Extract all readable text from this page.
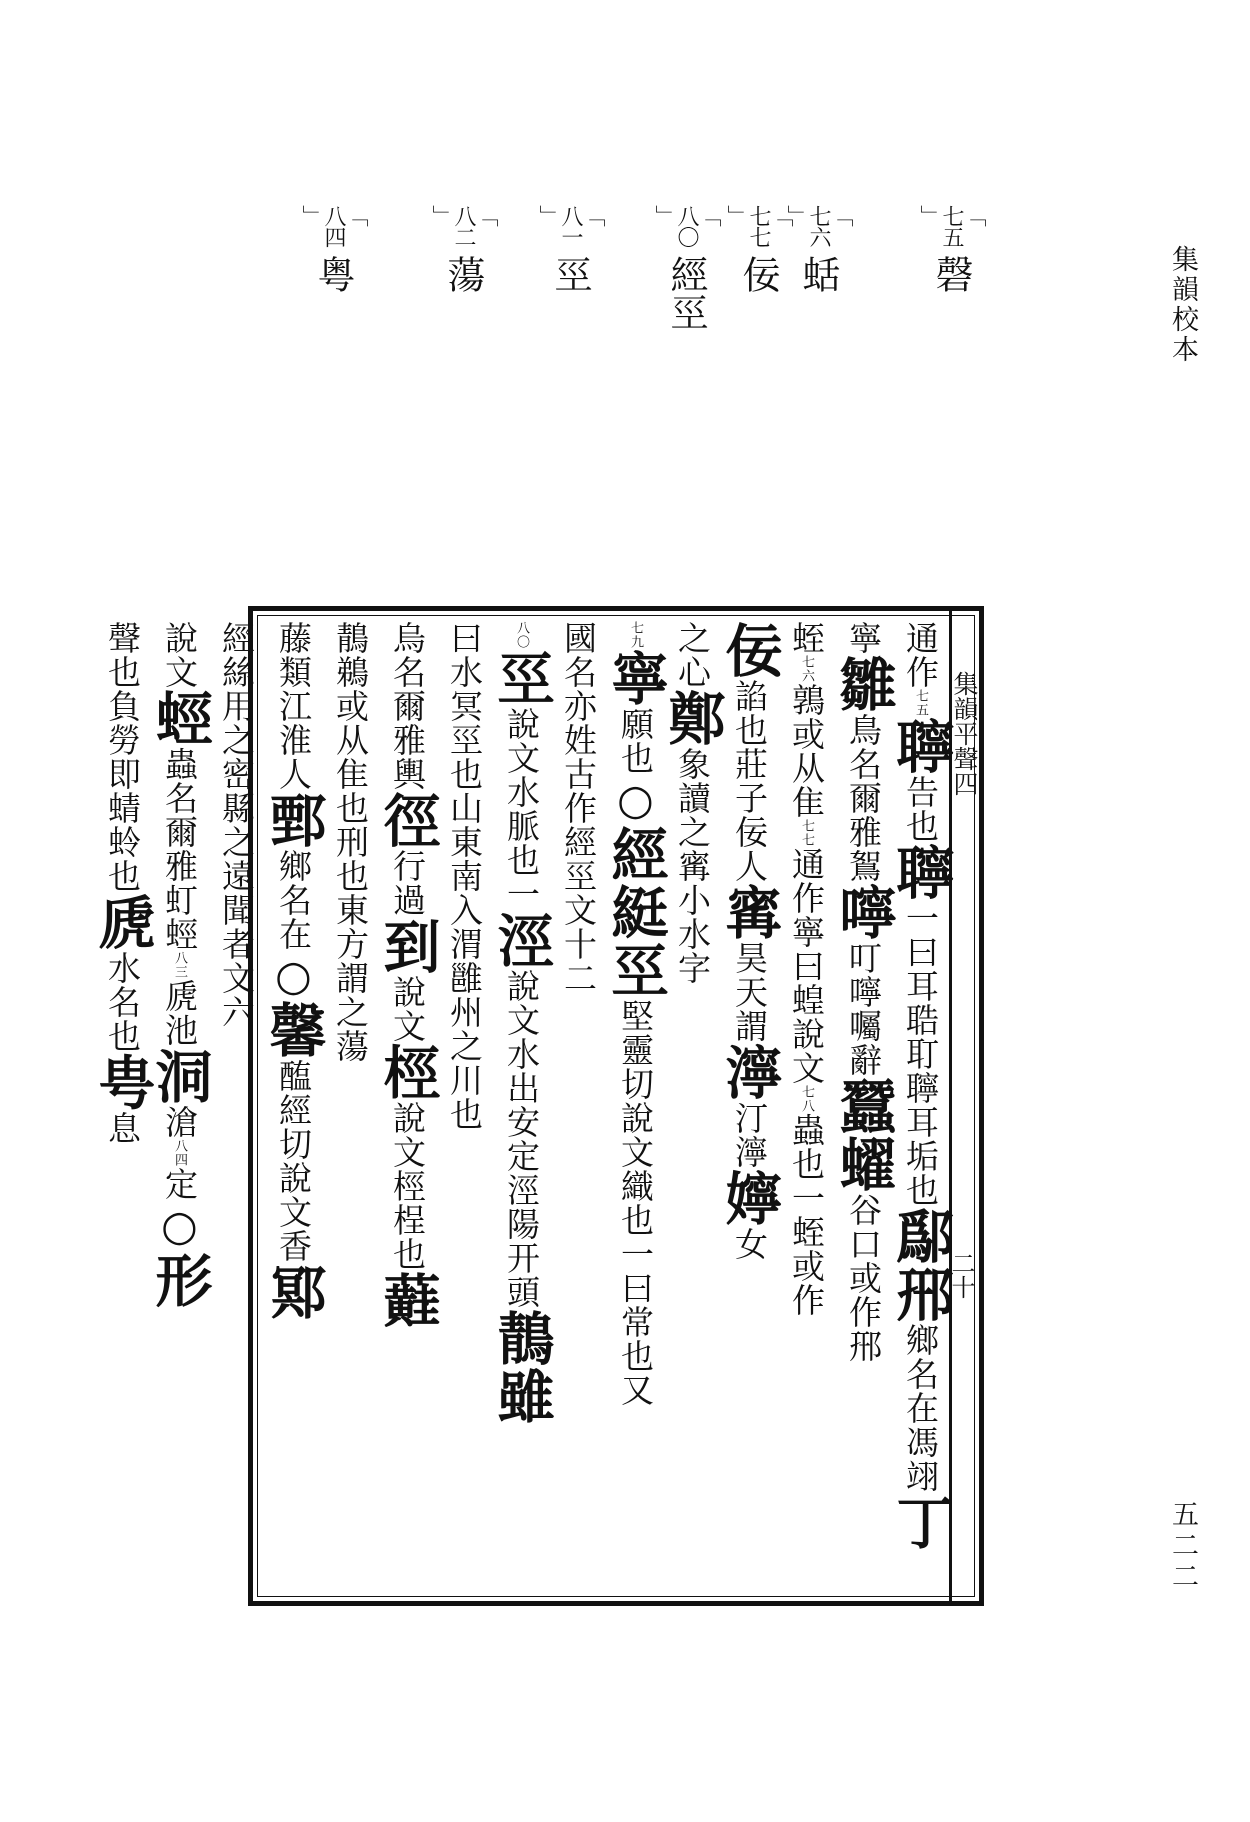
集韻校本
五二二
「 七五 」
磬
「 七六 」
蛞
「 七七 」
佞
「 八〇 」
經巠
「 八一 」
巠
「 八二 」
蕩
「 八四 」
粤
集韻平聲四
二十
通作七五聹告也聹一曰耳聕耵聹耳垢也鄬郉鄉名在馮翊丁
寧雛鳥名爾雅鴽嚀叮嚀囑辭蠶蠗谷口或作郉
蛭七六鶉或从隹七七通作寧曰蝗說文七八蟲也一蛭或作
佞諂也莊子佞人寗昊天謂濘汀濘嬣女
之心鄭象讀之寗小水字
七九寧願也○經綎巠堅靈切說文織也一曰常也又
國名亦姓古作經巠文十二
八〇巠說文水脈也一涇說文水出安定涇陽开頭鶄雖
曰水冥巠也山東南入渭雝州之川也
烏名爾雅輿徑行過到說文桱說文桱桯也蘳
鶄鵜或从隹也刑也東方謂之蕩
藤類江淮人鄄鄉名在○馨醢經切說文香鄍
經絲用之密縣之遠聞者文六
說文蛵蟲名爾雅虰蛵八三虒池洞滄八四定○形
聲也負勞即蜻蛉也虒水名也甹息
